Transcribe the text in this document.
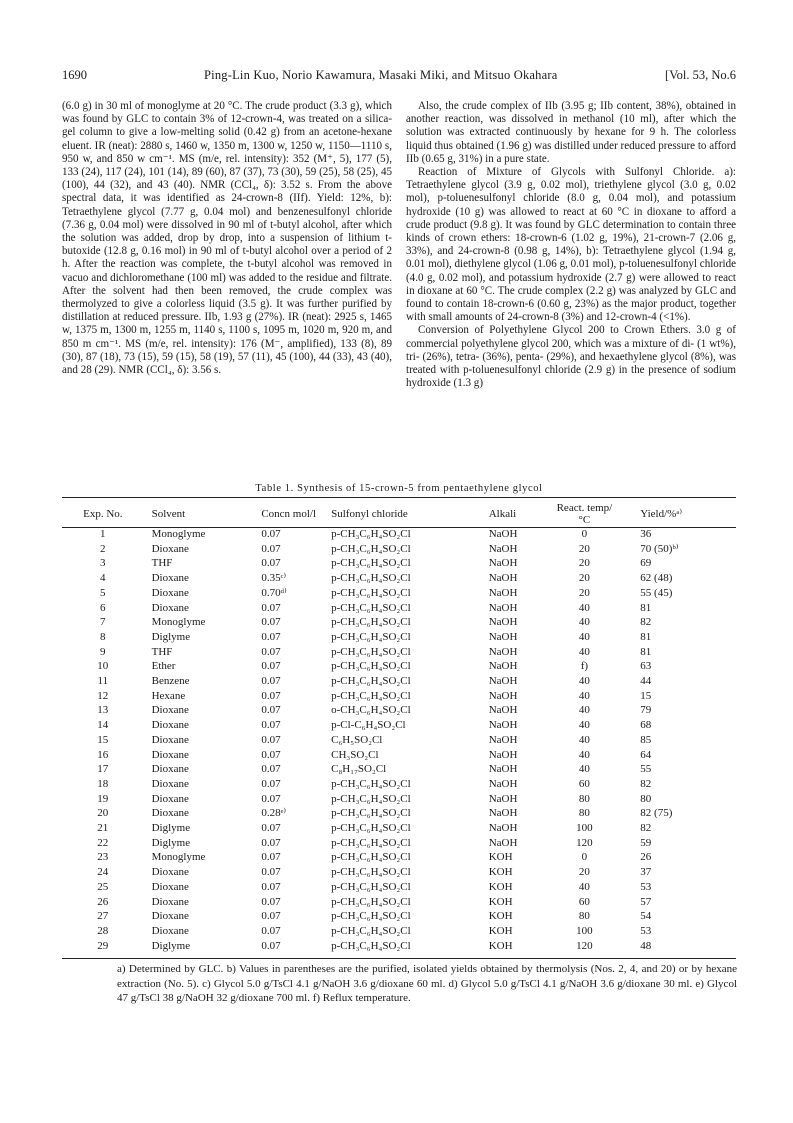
1690	Ping-Lin Kuo, Norio Kawamura, Masaki Miki, and Mitsuo Okahara	[Vol. 53, No.6

(6.0 g) in 30 ml of monoglyme at 20 °C. The crude product (3.3 g), which was found by GLC to contain 3% of 12-crown-4, was treated on a silica-gel column to give a low-melting solid (0.42 g) from an acetone-hexane eluent. IR (neat): 2880 s, 1460 w, 1350 m, 1300 w, 1250 w, 1150—1110 s, 950 w, and 850 w cm⁻¹. MS (m/e, rel. intensity): 352 (M⁺, 5), 177 (5), 133 (24), 117 (24), 101 (14), 89 (60), 87 (37), 73 (30), 59 (25), 58 (25), 45 (100), 44 (32), and 43 (40). NMR (CCl₄, δ): 3.52 s. From the above spectral data, it was identified as 24-crown-8 (IIf). Yield: 12%, b): Tetraethylene glycol (7.77 g, 0.04 mol) and benzenesulfonyl chloride (7.36 g, 0.04 mol) were dissolved in 90 ml of t-butyl alcohol, after which the solution was added, drop by drop, into a suspension of lithium t-butoxide (12.8 g, 0.16 mol) in 90 ml of t-butyl alcohol over a period of 2 h. After the reaction was complete, the t-butyl alcohol was removed in vacuo and dichloromethane (100 ml) was added to the residue and filtrate. After the solvent had then been removed, the crude complex was thermolyzed to give a colorless liquid (3.5 g). It was further purified by distillation at reduced pressure. IIb, 1.93 g (27%). IR (neat): 2925 s, 1465 w, 1375 m, 1300 m, 1255 m, 1140 s, 1100 s, 1095 m, 1020 m, 920 m, and 850 m cm⁻¹. MS (m/e, rel. intensity): 176 (M⁻, amplified), 133 (8), 89 (30), 87 (18), 73 (15), 59 (15), 58 (19), 57 (11), 45 (100), 44 (33), 43 (40), and 28 (29). NMR (CCl₄, δ): 3.56 s.

Also, the crude complex of IIb (3.95 g; IIb content, 38%), obtained in another reaction, was dissolved in methanol (10 ml), after which the solution was extracted continuously by hexane for 9 h. The colorless liquid thus obtained (1.96 g) was distilled under reduced pressure to afford IIb (0.65 g, 31%) in a pure state.

Reaction of Mixture of Glycols with Sulfonyl Chloride. a): Tetraethylene glycol (3.9 g, 0.02 mol), triethylene glycol (3.0 g, 0.02 mol), p-toluenesulfonyl chloride (8.0 g, 0.04 mol), and potassium hydroxide (10 g) was allowed to react at 60 °C in dioxane to afford a crude product (9.8 g). It was found by GLC determination to contain three kinds of crown ethers: 18-crown-6 (1.02 g, 19%), 21-crown-7 (2.06 g, 33%), and 24-crown-8 (0.98 g, 14%), b): Tetraethylene glycol (1.94 g, 0.01 mol), diethylene glycol (1.06 g, 0.01 mol), p-toluenesulfonyl chloride (4.0 g, 0.02 mol), and potassium hydroxide (2.7 g) were allowed to react in dioxane at 60 °C. The crude complex (2.2 g) was analyzed by GLC and found to contain 18-crown-6 (0.60 g, 23%) as the major product, together with small amounts of 24-crown-8 (3%) and 12-crown-4 (<1%).

Conversion of Polyethylene Glycol 200 to Crown Ethers. 3.0 g of commercial polyethylene glycol 200, which was a mixture of di- (1 wt%), tri- (26%), tetra- (36%), penta- (29%), and hexaethylene glycol (8%), was treated with p-toluenesulfonyl chloride (2.9 g) in the presence of sodium hydroxide (1.3 g)

Table 1. Synthesis of 15-crown-5 from pentaethylene glycol
Exp. No.	Solvent	Concn mol/l	Sulfonyl chloride	Alkali	React. temp/°C	Yield/%ᵃ⁾
1	Monoglyme	0.07	p-CH₃C₆H₄SO₂Cl	NaOH	0	36
2	Dioxane	0.07	p-CH₃C₆H₄SO₂Cl	NaOH	20	70 (50)ᵇ⁾
3	THF	0.07	p-CH₃C₆H₄SO₂Cl	NaOH	20	69
4	Dioxane	0.35ᶜ⁾	p-CH₃C₆H₄SO₂Cl	NaOH	20	62 (48)
5	Dioxane	0.70ᵈ⁾	p-CH₃C₆H₄SO₂Cl	NaOH	20	55 (45)
6	Dioxane	0.07	p-CH₃C₆H₄SO₂Cl	NaOH	40	81
7	Monoglyme	0.07	p-CH₃C₆H₄SO₂Cl	NaOH	40	82
8	Diglyme	0.07	p-CH₃C₆H₄SO₂Cl	NaOH	40	81
9	THF	0.07	p-CH₃C₆H₄SO₂Cl	NaOH	40	81
10	Ether	0.07	p-CH₃C₆H₄SO₂Cl	NaOH	f)	63
11	Benzene	0.07	p-CH₃C₆H₄SO₂Cl	NaOH	40	44
12	Hexane	0.07	p-CH₃C₆H₄SO₂Cl	NaOH	40	15
13	Dioxane	0.07	o-CH₃C₆H₄SO₂Cl	NaOH	40	79
14	Dioxane	0.07	p-Cl-C₆H₄SO₂Cl	NaOH	40	68
15	Dioxane	0.07	C₆H₅SO₂Cl	NaOH	40	85
16	Dioxane	0.07	CH₃SO₂Cl	NaOH	40	64
17	Dioxane	0.07	C₈H₁₇SO₂Cl	NaOH	40	55
18	Dioxane	0.07	p-CH₃C₆H₄SO₂Cl	NaOH	60	82
19	Dioxane	0.07	p-CH₃C₆H₄SO₂Cl	NaOH	80	80
20	Dioxane	0.28ᵉ⁾	p-CH₃C₆H₄SO₂Cl	NaOH	80	82 (75)
21	Diglyme	0.07	p-CH₃C₆H₄SO₂Cl	NaOH	100	82
22	Diglyme	0.07	p-CH₃C₆H₄SO₂Cl	NaOH	120	59
23	Monoglyme	0.07	p-CH₃C₆H₄SO₂Cl	KOH	0	26
24	Dioxane	0.07	p-CH₃C₆H₄SO₂Cl	KOH	20	37
25	Dioxane	0.07	p-CH₃C₆H₄SO₂Cl	KOH	40	53
26	Dioxane	0.07	p-CH₃C₆H₄SO₂Cl	KOH	60	57
27	Dioxane	0.07	p-CH₃C₆H₄SO₂Cl	KOH	80	54
28	Dioxane	0.07	p-CH₃C₆H₄SO₂Cl	KOH	100	53
29	Diglyme	0.07	p-CH₃C₆H₄SO₂Cl	KOH	120	48

a) Determined by GLC. b) Values in parentheses are the purified, isolated yields obtained by thermolysis (Nos. 2, 4, and 20) or by hexane extraction (No. 5). c) Glycol 5.0 g/TsCl 4.1 g/NaOH 3.6 g/dioxane 60 ml. d) Glycol 5.0 g/TsCl 4.1 g/NaOH 3.6 g/dioxane 30 ml. e) Glycol 47 g/TsCl 38 g/NaOH 32 g/dioxane 700 ml. f) Reflux temperature.
